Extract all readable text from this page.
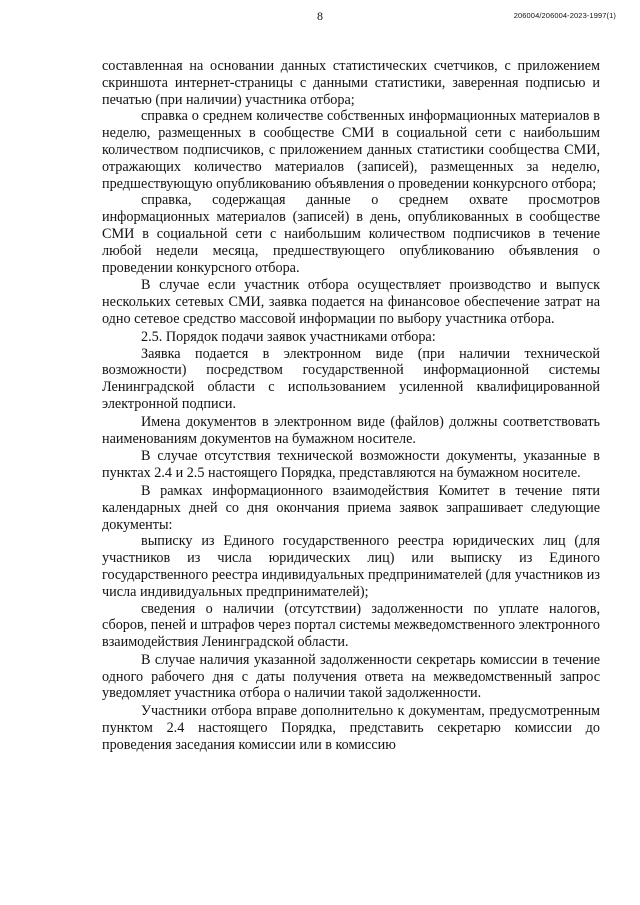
8	206004/206004-2023-1997(1)

составленная на основании данных статистических счетчиков, с приложением скриншота интернет-страницы с данными статистики, заверенная подписью и печатью (при наличии) участника отбора;

справка о среднем количестве собственных информационных материалов в неделю, размещенных в сообществе СМИ в социальной сети с наибольшим количеством подписчиков, с приложением данных статистики сообщества СМИ, отражающих количество материалов (записей), размещенных за неделю, предшествующую опубликованию объявления о проведении конкурсного отбора;

справка, содержащая данные о среднем охвате просмотров информационных материалов (записей) в день, опубликованных в сообществе СМИ в социальной сети с наибольшим количеством подписчиков в течение любой недели месяца, предшествующего опубликованию объявления о проведении конкурсного отбора.

В случае если участник отбора осуществляет производство и выпуск нескольких сетевых СМИ, заявка подается на финансовое обеспечение затрат на одно сетевое средство массовой информации по выбору участника отбора.

2.5. Порядок подачи заявок участниками отбора:

Заявка подается в электронном виде (при наличии технической возможности) посредством государственной информационной системы Ленинградской области с использованием усиленной квалифицированной электронной подписи.

Имена документов в электронном виде (файлов) должны соответствовать наименованиям документов на бумажном носителе.

В случае отсутствия технической возможности документы, указанные в пунктах 2.4 и 2.5 настоящего Порядка, представляются на бумажном носителе.

В рамках информационного взаимодействия Комитет в течение пяти календарных дней со дня окончания приема заявок запрашивает следующие документы:

выписку из Единого государственного реестра юридических лиц (для участников из числа юридических лиц) или выписку из Единого государственного реестра индивидуальных предпринимателей (для участников из числа индивидуальных предпринимателей);

сведения о наличии (отсутствии) задолженности по уплате налогов, сборов, пеней и штрафов через портал системы межведомственного электронного взаимодействия Ленинградской области.

В случае наличия указанной задолженности секретарь комиссии в течение одного рабочего дня с даты получения ответа на межведомственный запрос уведомляет участника отбора о наличии такой задолженности.

Участники отбора вправе дополнительно к документам, предусмотренным пунктом 2.4 настоящего Порядка, представить секретарю комиссии до проведения заседания комиссии или в комиссию
